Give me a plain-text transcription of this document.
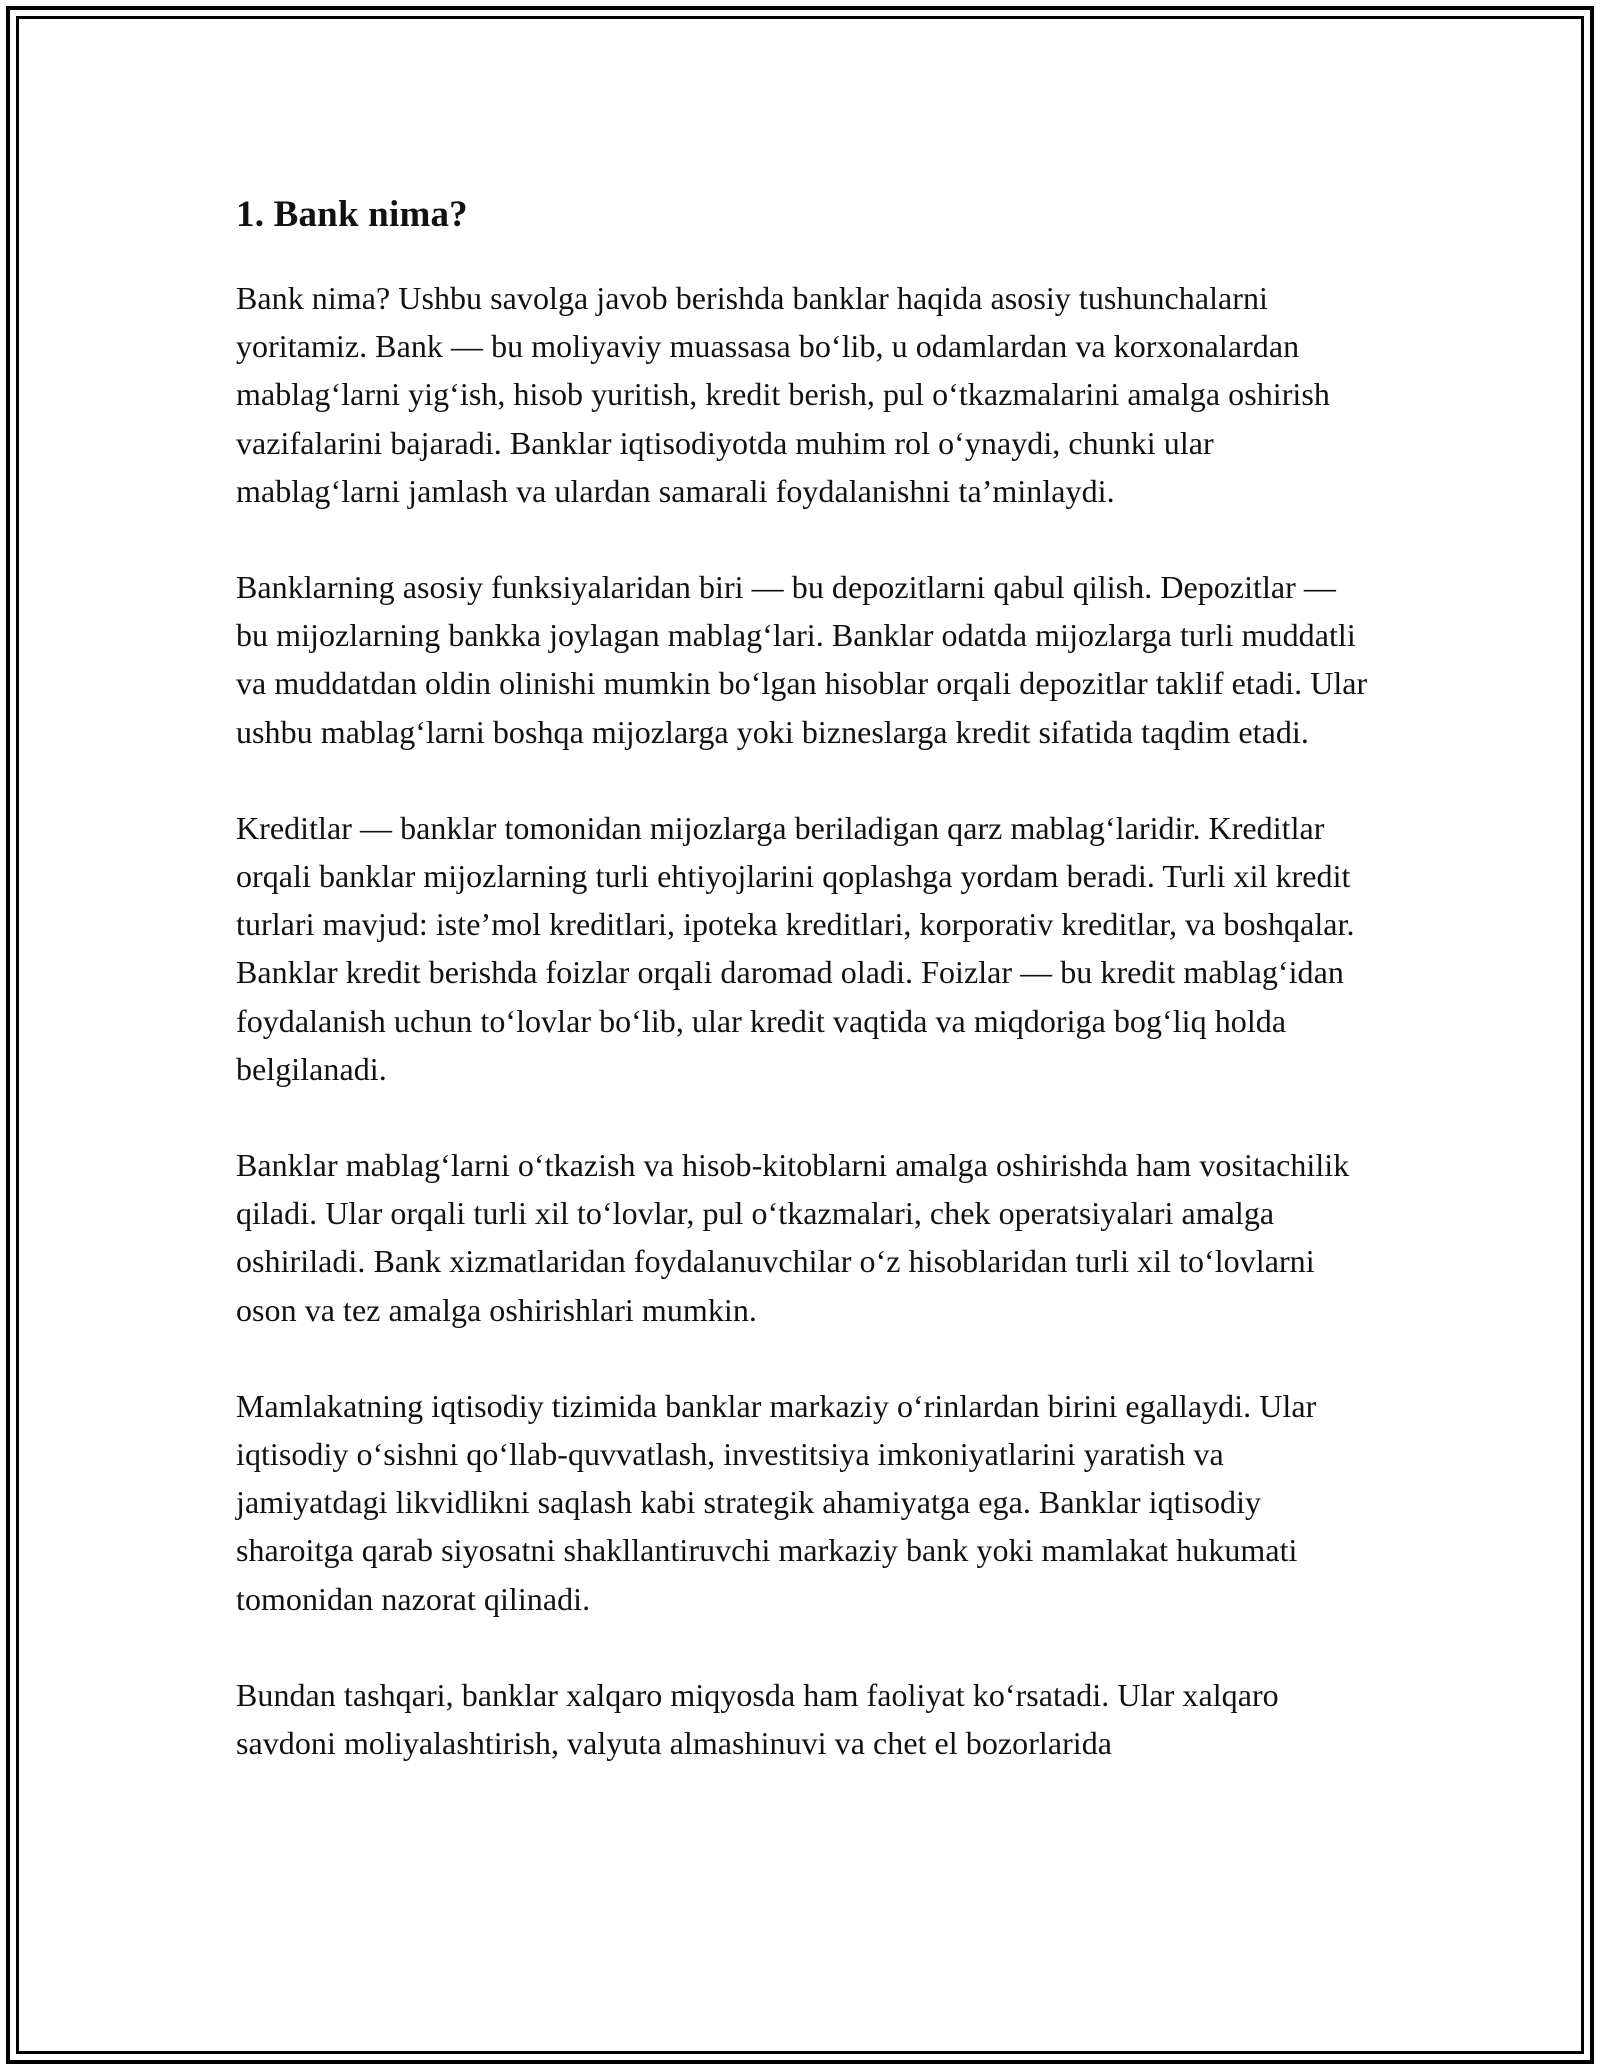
1. Bank nima?

Bank nima? Ushbu savolga javob berishda banklar haqida asosiy tushunchalarni yoritamiz. Bank — bu moliyaviy muassasa bo‘lib, u odamlardan va korxonalardan mablag‘larni yig‘ish, hisob yuritish, kredit berish, pul o‘tkazmalarini amalga oshirish vazifalarini bajaradi. Banklar iqtisodiyotda muhim rol o‘ynaydi, chunki ular mablag‘larni jamlash va ulardan samarali foydalanishni ta’minlaydi.

Banklarning asosiy funksiyalaridan biri — bu depozitlarni qabul qilish. Depozitlar — bu mijozlarning bankka joylagan mablag‘lari. Banklar odatda mijozlarga turli muddatli va muddatdan oldin olinishi mumkin bo‘lgan hisoblar orqali depozitlar taklif etadi. Ular ushbu mablag‘larni boshqa mijozlarga yoki bizneslarga kredit sifatida taqdim etadi.

Kreditlar — banklar tomonidan mijozlarga beriladigan qarz mablag‘laridir. Kreditlar orqali banklar mijozlarning turli ehtiyojlarini qoplashga yordam beradi. Turli xil kredit turlari mavjud: iste’mol kreditlari, ipoteka kreditlari, korporativ kreditlar, va boshqalar. Banklar kredit berishda foizlar orqali daromad oladi. Foizlar — bu kredit mablag‘idan foydalanish uchun to‘lovlar bo‘lib, ular kredit vaqtida va miqdoriga bog‘liq holda belgilanadi.

Banklar mablag‘larni o‘tkazish va hisob-kitoblarni amalga oshirishda ham vositachilik qiladi. Ular orqali turli xil to‘lovlar, pul o‘tkazmalari, chek operatsiyalari amalga oshiriladi. Bank xizmatlaridan foydalanuvchilar o‘z hisoblaridan turli xil to‘lovlarni oson va tez amalga oshirishlari mumkin.

Mamlakatning iqtisodiy tizimida banklar markaziy o‘rinlardan birini egallaydi. Ular iqtisodiy o‘sishni qo‘llab-quvvatlash, investitsiya imkoniyatlarini yaratish va jamiyatdagi likvidlikni saqlash kabi strategik ahamiyatga ega. Banklar iqtisodiy sharoitga qarab siyosatni shakllantiruvchi markaziy bank yoki mamlakat hukumati tomonidan nazorat qilinadi.

Bundan tashqari, banklar xalqaro miqyosda ham faoliyat ko‘rsatadi. Ular xalqaro savdoni moliyalashtirish, valyuta almashinuvi va chet el bozorlarida
